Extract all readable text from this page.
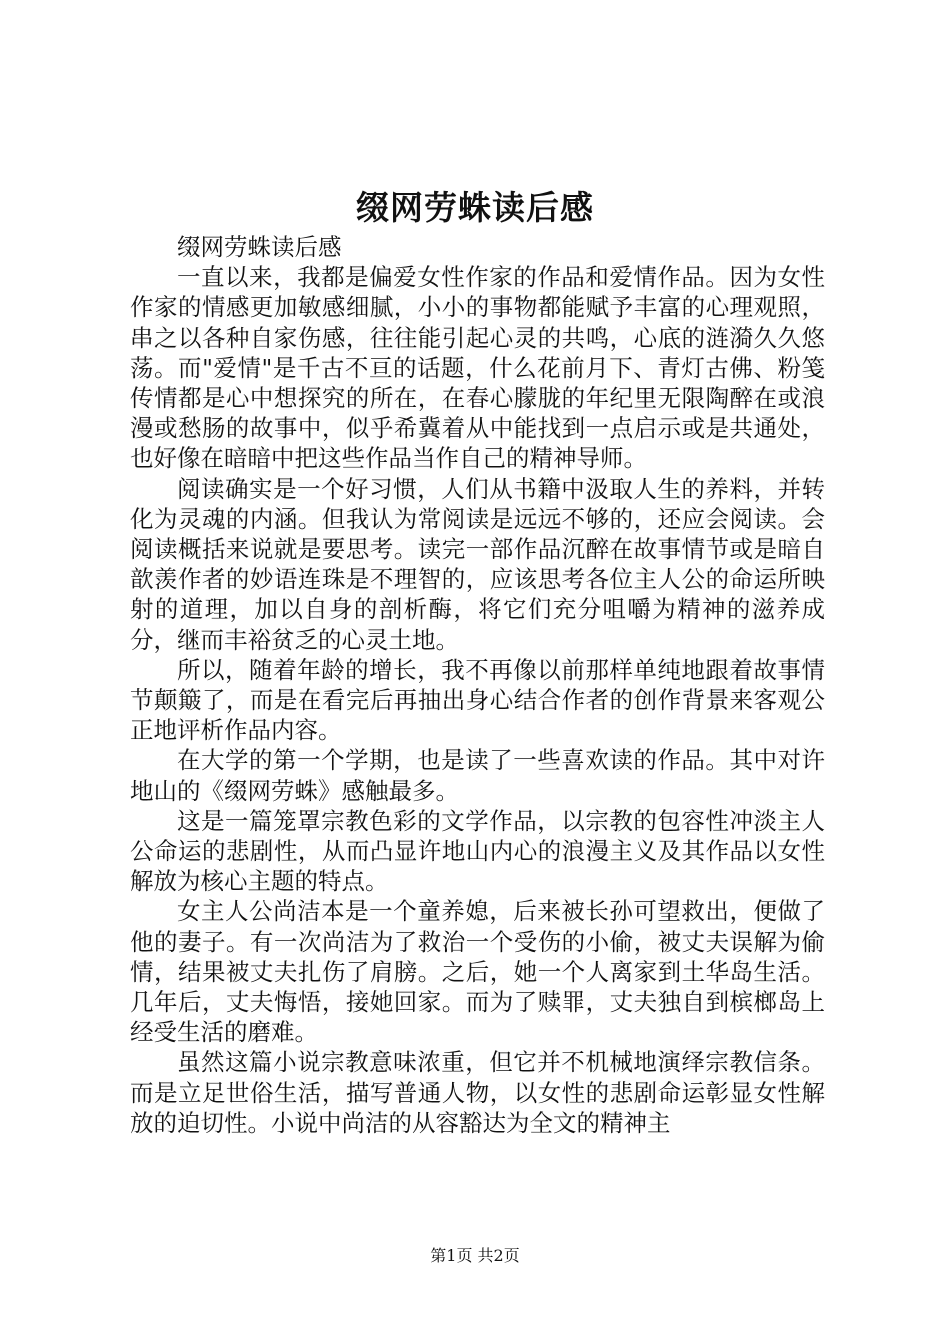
缀网劳蛛读后感

缀网劳蛛读后感

一直以来，我都是偏爱女性作家的作品和爱情作品。因为女性作家的情感更加敏感细腻，小小的事物都能赋予丰富的心理观照，串之以各种自家伤感，往往能引起心灵的共鸣，心底的涟漪久久悠荡。而"爱情"是千古不亘的话题，什么花前月下、青灯古佛、粉笺传情都是心中想探究的所在，在春心朦胧的年纪里无限陶醉在或浪漫或愁肠的故事中，似乎希冀着从中能找到一点启示或是共通处，也好像在暗暗中把这些作品当作自己的精神导师。

阅读确实是一个好习惯，人们从书籍中汲取人生的养料，并转化为灵魂的内涵。但我认为常阅读是远远不够的，还应会阅读。会阅读概括来说就是要思考。读完一部作品沉醉在故事情节或是暗自歆羡作者的妙语连珠是不理智的，应该思考各位主人公的命运所映射的道理，加以自身的剖析酶，将它们充分咀嚼为精神的滋养成分，继而丰裕贫乏的心灵土地。

所以，随着年龄的增长，我不再像以前那样单纯地跟着故事情节颠簸了，而是在看完后再抽出身心结合作者的创作背景来客观公正地评析作品内容。

在大学的第一个学期，也是读了一些喜欢读的作品。其中对许地山的《缀网劳蛛》感触最多。

这是一篇笼罩宗教色彩的文学作品，以宗教的包容性冲淡主人公命运的悲剧性，从而凸显许地山内心的浪漫主义及其作品以女性解放为核心主题的特点。

女主人公尚洁本是一个童养媳，后来被长孙可望救出，便做了他的妻子。有一次尚洁为了救治一个受伤的小偷，被丈夫误解为偷情，结果被丈夫扎伤了肩膀。之后，她一个人离家到土华岛生活。几年后，丈夫悔悟，接她回家。而为了赎罪，丈夫独自到槟榔岛上经受生活的磨难。

虽然这篇小说宗教意味浓重，但它并不机械地演绎宗教信条。而是立足世俗生活，描写普通人物，以女性的悲剧命运彰显女性解放的迫切性。小说中尚洁的从容豁达为全文的精神主

第1页 共2页
